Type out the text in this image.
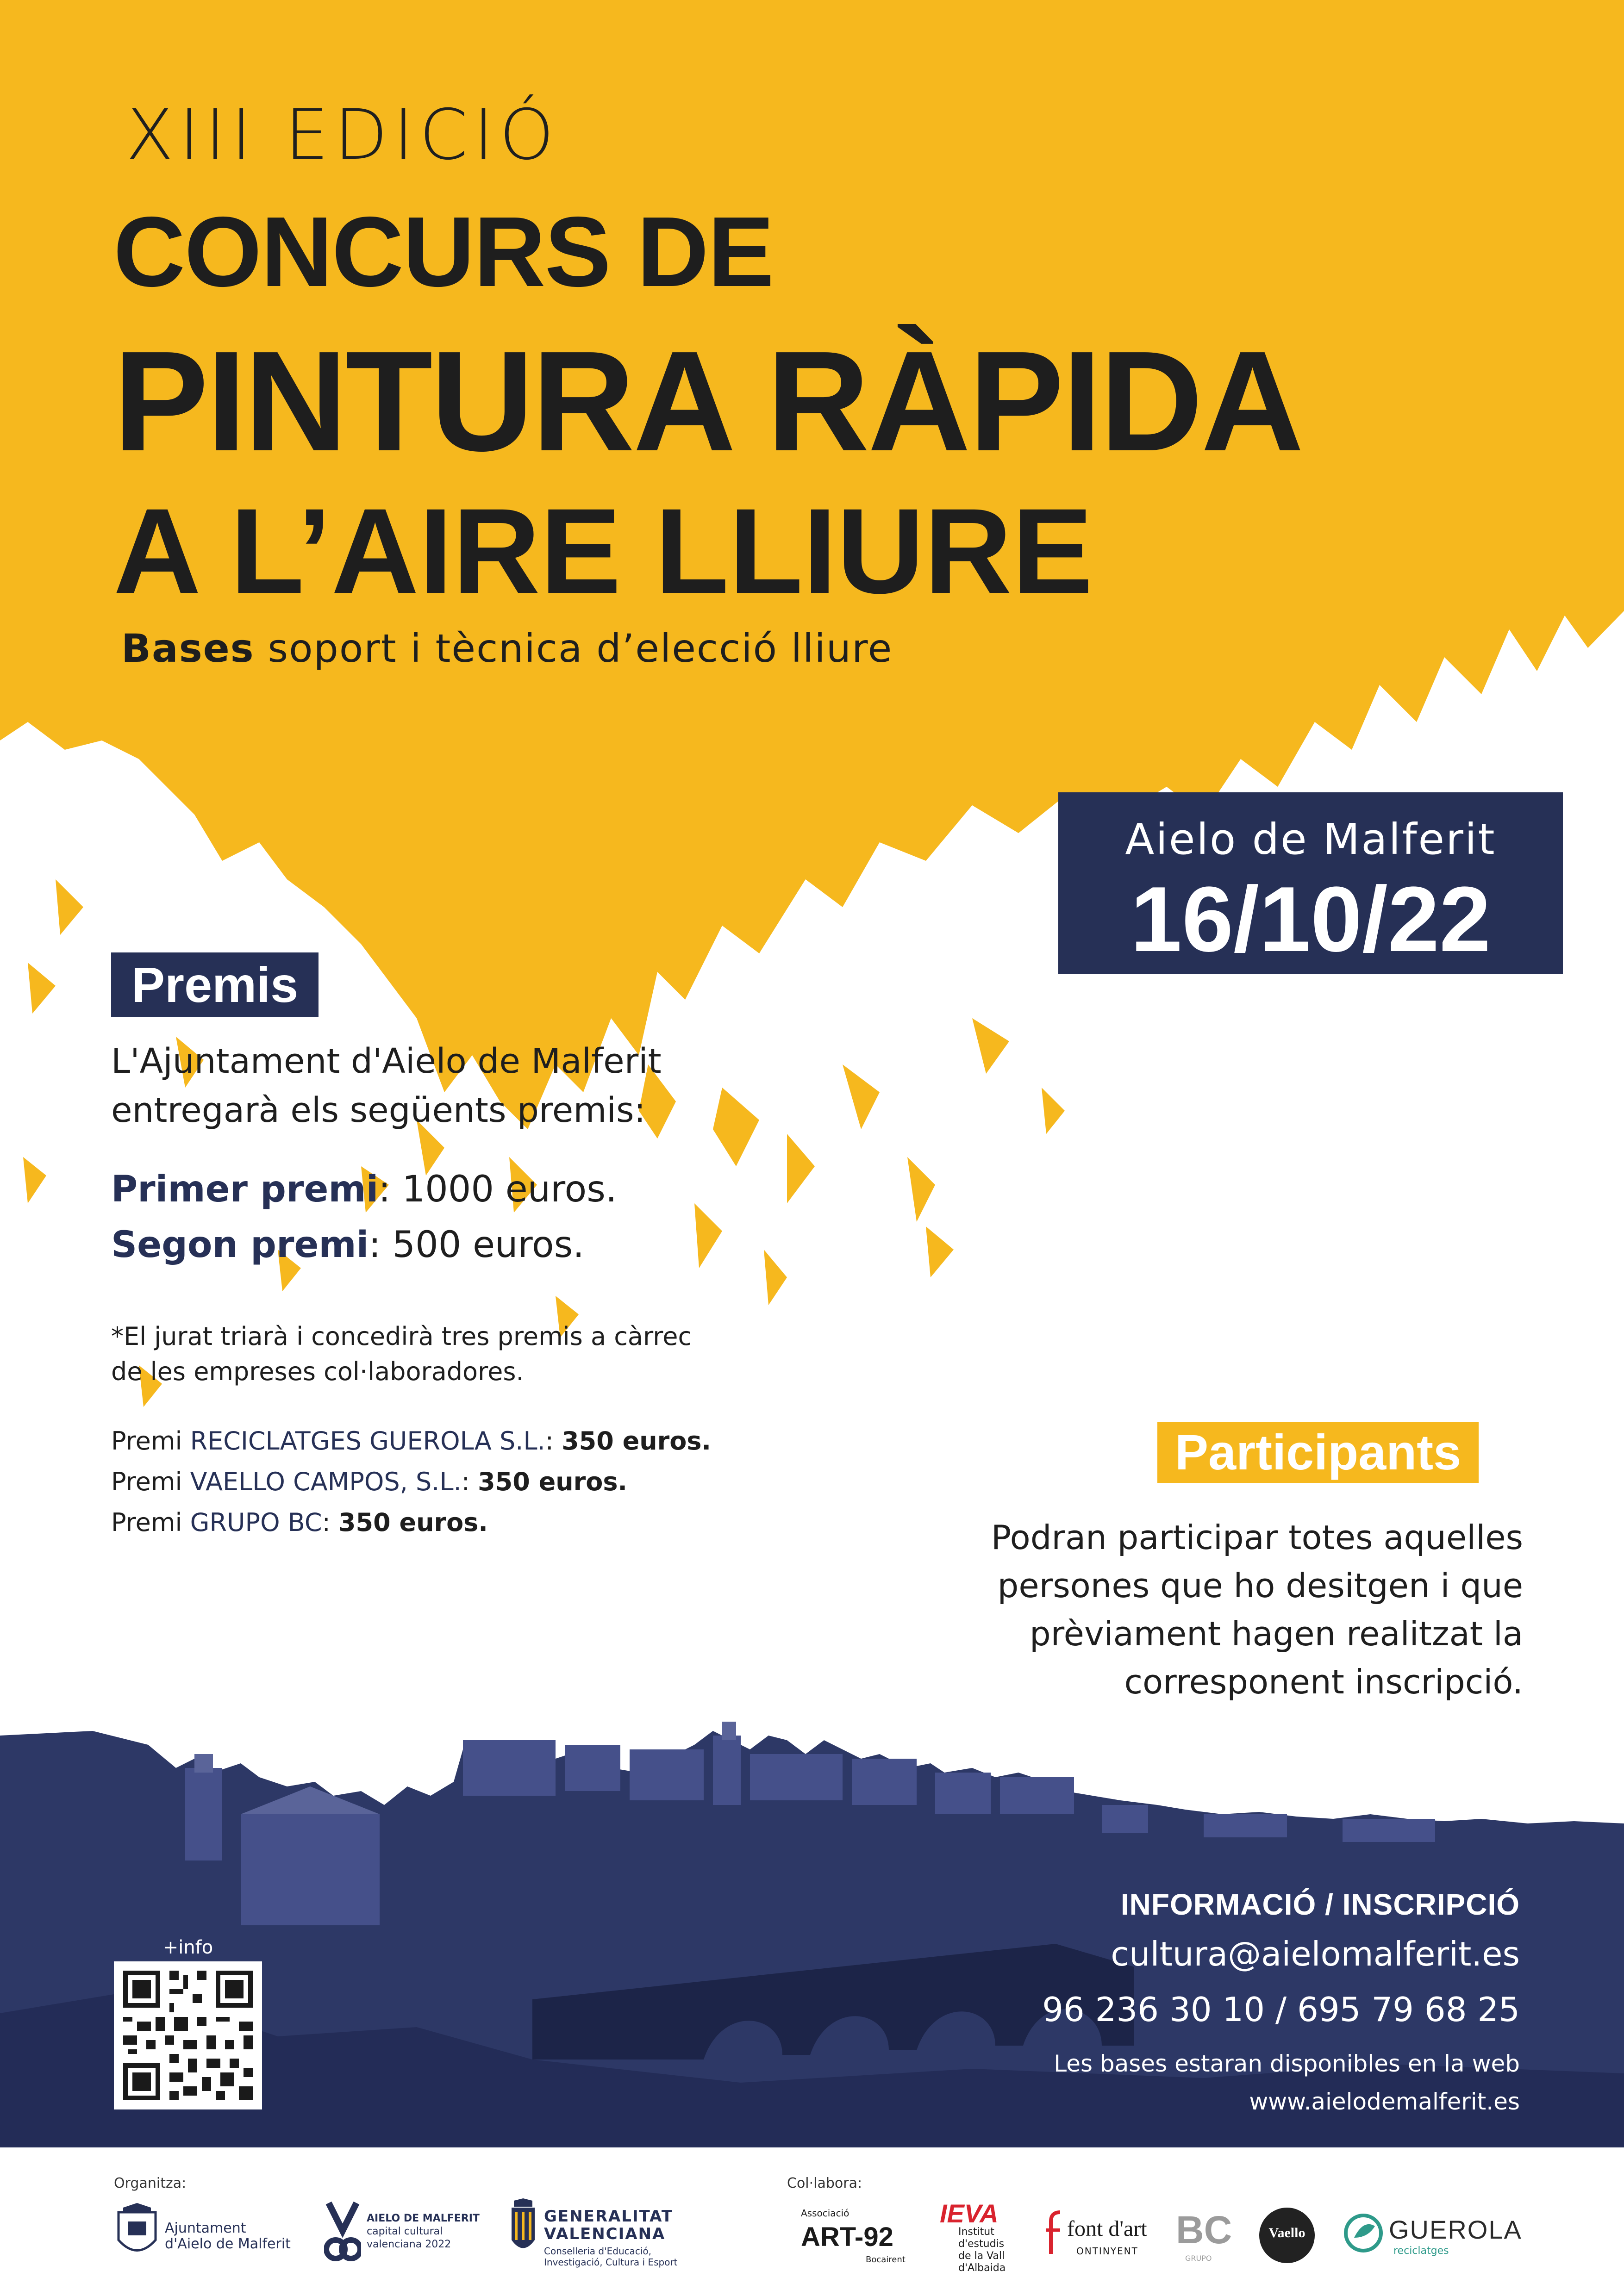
XIII EDICIÓ
CONCURS DE
PINTURA RÀPIDA
A L’AIRE LLIURE
Bases soport i tècnica d’elecció lliure
Aielo de Malferit
16/10/22
Premis
L'Ajuntament d'Aielo de Malferit
entregarà els següents premis:
Primer premi: 1000 euros.
Segon premi: 500 euros.
*El jurat triarà i concedirà tres premis a càrrec
de les empreses col·laboradores.
Premi RECICLATGES GUEROLA S.L.: 350 euros.
Premi VAELLO CAMPOS, S.L.: 350 euros.
Premi GRUPO BC: 350 euros.
Participants
Podran participar totes aquelles
persones que ho desitgen i que
prèviament hagen realitzat la
corresponent inscripció.
+info
INFORMACIÓ / INSCRIPCIÓ
cultura@aielomalferit.es
96 236 30 10 / 695 79 68 25
Les bases estaran disponibles en la web
www.aielodemalferit.es
Organitza:	Col·labora:
Ajuntament
d'Aielo de Malferit
AIELO DE MALFERIT
capital cultural
valenciana 2022
GENERALITAT
VALENCIANA
Conselleria d'Educació,
Investigació, Cultura i Esport
Associació
ART-92
Bocairent
IEVA
Institut
d'estudis
de la Vall
d'Albaida
font d'art
ONTINYENT BC
GRUPO
Vaello	GUEROLA
reciclatges
